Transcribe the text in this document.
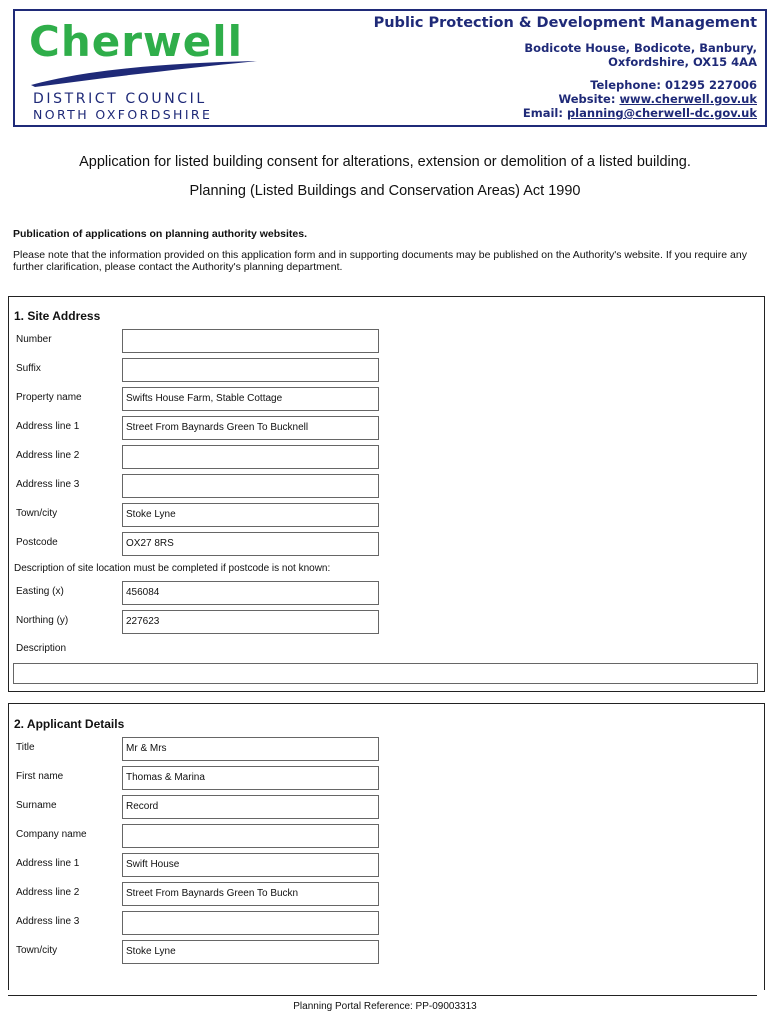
Cherwell
DISTRICT COUNCIL
NORTH OXFORDSHIRE
Public Protection & Development Management
Bodicote House, Bodicote, Banbury,
Oxfordshire, OX15 4AA
Telephone: 01295 227006
Website: www.cherwell.gov.uk
Email: planning@cherwell-dc.gov.uk
Application for listed building consent for alterations, extension or demolition of a listed building.
Planning (Listed Buildings and Conservation Areas) Act 1990
Publication of applications on planning authority websites.
Please note that the information provided on this application form and in supporting documents may be published on the Authority's website. If you require any further clarification, please contact the Authority's planning department.
1. Site Address
Number
Suffix
Property name	Swifts House Farm, Stable Cottage
Address line 1	Street From Baynards Green To Bucknell
Address line 2
Address line 3
Town/city	Stoke Lyne
Postcode	OX27 8RS
Description of site location must be completed if postcode is not known:
Easting (x)	456084
Northing (y)	227623
Description
2. Applicant Details
Title	Mr & Mrs
First name	Thomas & Marina
Surname	Record
Company name
Address line 1	Swift House
Address line 2	Street From Baynards Green To Buckn
Address line 3
Town/city	Stoke Lyne
Planning Portal Reference: PP-09003313
